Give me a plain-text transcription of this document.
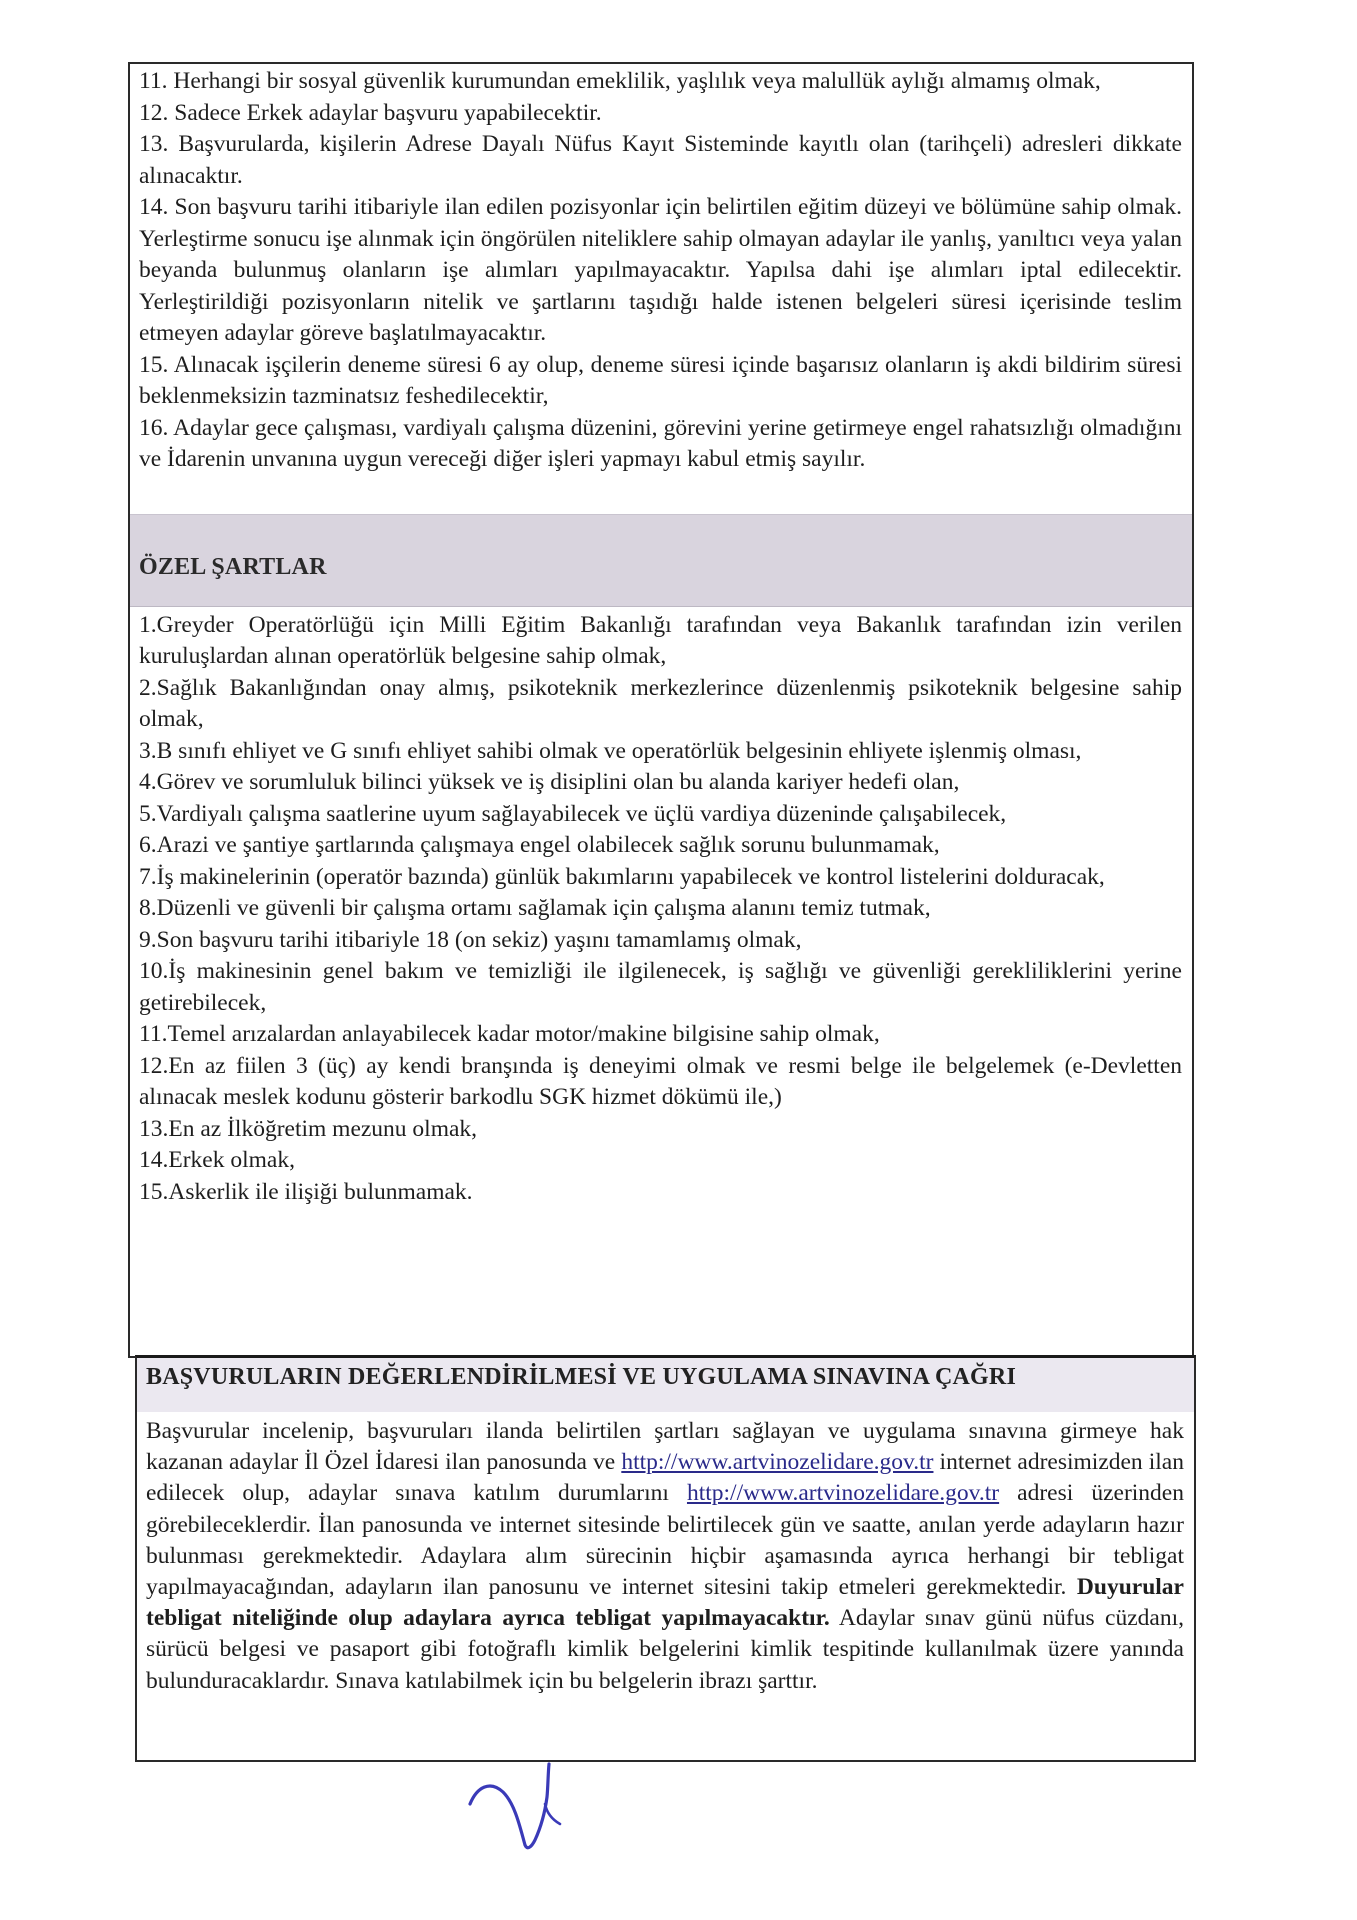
11. Herhangi bir sosyal güvenlik kurumundan emeklilik, yaşlılık veya malullük aylığı almamış olmak,
12. Sadece Erkek adaylar başvuru yapabilecektir.
13. Başvurularda, kişilerin Adrese Dayalı Nüfus Kayıt Sisteminde kayıtlı olan (tarihçeli) adresleri dikkate alınacaktır.
14. Son başvuru tarihi itibariyle ilan edilen pozisyonlar için belirtilen eğitim düzeyi ve bölümüne sahip olmak. Yerleştirme sonucu işe alınmak için öngörülen niteliklere sahip olmayan adaylar ile yanlış, yanıltıcı veya yalan beyanda bulunmuş olanların işe alımları yapılmayacaktır. Yapılsa dahi işe alımları iptal edilecektir. Yerleştirildiği pozisyonların nitelik ve şartlarını taşıdığı halde istenen belgeleri süresi içerisinde teslim etmeyen adaylar göreve başlatılmayacaktır.
15. Alınacak işçilerin deneme süresi 6 ay olup, deneme süresi içinde başarısız olanların iş akdi bildirim süresi beklenmeksizin tazminatsız feshedilecektir,
16. Adaylar gece çalışması, vardiyalı çalışma düzenini, görevini yerine getirmeye engel rahatsızlığı olmadığını ve İdarenin unvanına uygun vereceği diğer işleri yapmayı kabul etmiş sayılır.
ÖZEL ŞARTLAR
1.Greyder Operatörlüğü için Milli Eğitim Bakanlığı tarafından veya Bakanlık tarafından izin verilen kuruluşlardan alınan operatörlük belgesine sahip olmak,
2.Sağlık Bakanlığından onay almış, psikoteknik merkezlerince düzenlenmiş psikoteknik belgesine sahip olmak,
3.B sınıfı ehliyet ve G sınıfı ehliyet sahibi olmak ve operatörlük belgesinin ehliyete işlenmiş olması,
4.Görev ve sorumluluk bilinci yüksek ve iş disiplini olan bu alanda kariyer hedefi olan,
5.Vardiyalı çalışma saatlerine uyum sağlayabilecek ve üçlü vardiya düzeninde çalışabilecek,
6.Arazi ve şantiye şartlarında çalışmaya engel olabilecek sağlık sorunu bulunmamak,
7.İş makinelerinin (operatör bazında) günlük bakımlarını yapabilecek ve kontrol listelerini dolduracak,
8.Düzenli ve güvenli bir çalışma ortamı sağlamak için çalışma alanını temiz tutmak,
9.Son başvuru tarihi itibariyle 18 (on sekiz) yaşını tamamlamış olmak,
10.İş makinesinin genel bakım ve temizliği ile ilgilenecek, iş sağlığı ve güvenliği gerekliliklerini yerine getirebilecek,
11.Temel arızalardan anlayabilecek kadar motor/makine bilgisine sahip olmak,
12.En az fiilen 3 (üç) ay kendi branşında iş deneyimi olmak ve resmi belge ile belgelemek (e-Devletten alınacak meslek kodunu gösterir barkodlu SGK hizmet dökümü ile,)
13.En az İlköğretim mezunu olmak,
14.Erkek olmak,
15.Askerlik ile ilişiği bulunmamak.
BAŞVURULARIN DEĞERLENDİRİLMESİ VE UYGULAMA SINAVINA ÇAĞRI

Başvurular incelenip, başvuruları ilanda belirtilen şartları sağlayan ve uygulama sınavına girmeye hak kazanan adaylar İl Özel İdaresi ilan panosunda ve http://www.artvinozelidare.gov.tr internet adresimizden ilan edilecek olup, adaylar sınava katılım durumlarını http://www.artvinozelidare.gov.tr adresi üzerinden görebileceklerdir. İlan panosunda ve internet sitesinde belirtilecek gün ve saatte, anılan yerde adayların hazır bulunması gerekmektedir. Adaylara alım sürecinin hiçbir aşamasında ayrıca herhangi bir tebligat yapılmayacağından, adayların ilan panosunu ve internet sitesini takip etmeleri gerekmektedir. Duyurular tebligat niteliğinde olup adaylara ayrıca tebligat yapılmayacaktır. Adaylar sınav günü nüfus cüzdanı, sürücü belgesi ve pasaport gibi fotoğraflı kimlik belgelerini kimlik tespitinde kullanılmak üzere yanında bulunduracaklardır. Sınava katılabilmek için bu belgelerin ibrazı şarttır.
